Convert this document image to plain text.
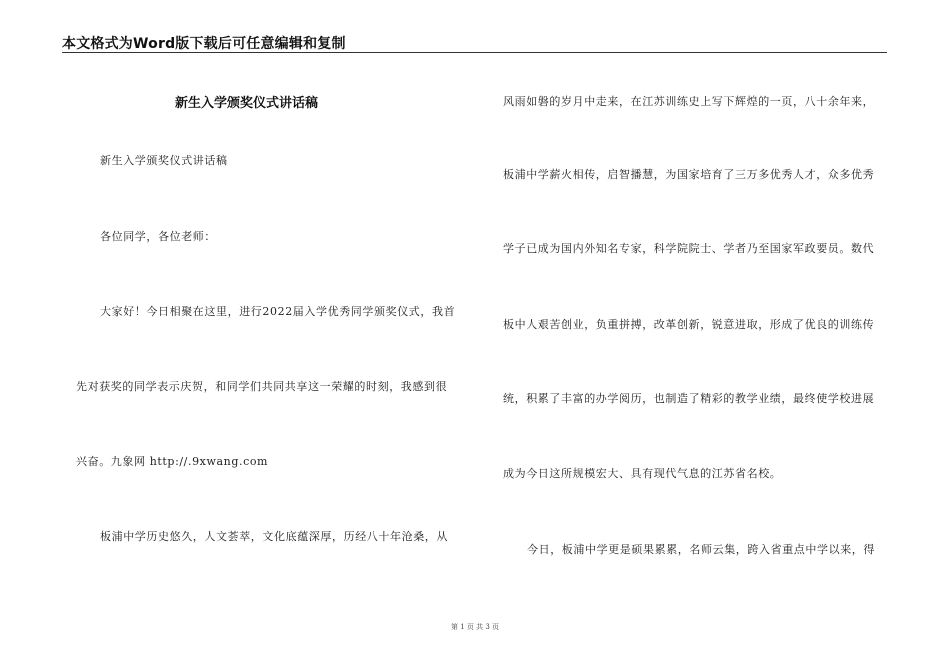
本文格式为Word版下载后可任意编辑和复制
新生入学颁奖仪式讲话稿
新生入学颁奖仪式讲话稿
各位同学，各位老师：
大家好！今日相聚在这里，进行2022届入学优秀同学颁奖仪式，我首
先对获奖的同学表示庆贺，和同学们共同共享这一荣耀的时刻，我感到很
兴奋。九象网 http://.9xwang.com
板浦中学历史悠久，人文荟萃，文化底蕴深厚，历经八十年沧桑，从
风雨如磐的岁月中走来，在江苏训练史上写下辉煌的一页，八十余年来，
板浦中学薪火相传，启智播慧，为国家培育了三万多优秀人才，众多优秀
学子已成为国内外知名专家，科学院院士、学者乃至国家军政要员。数代
板中人艰苦创业，负重拼搏，改革创新，锐意进取，形成了优良的训练传
统，积累了丰富的办学阅历，也制造了精彩的教学业绩，最终使学校进展
成为今日这所规模宏大、具有现代气息的江苏省名校。
今日，板浦中学更是硕果累累，名师云集，跨入省重点中学以来，得
第 1 页 共 3 页
